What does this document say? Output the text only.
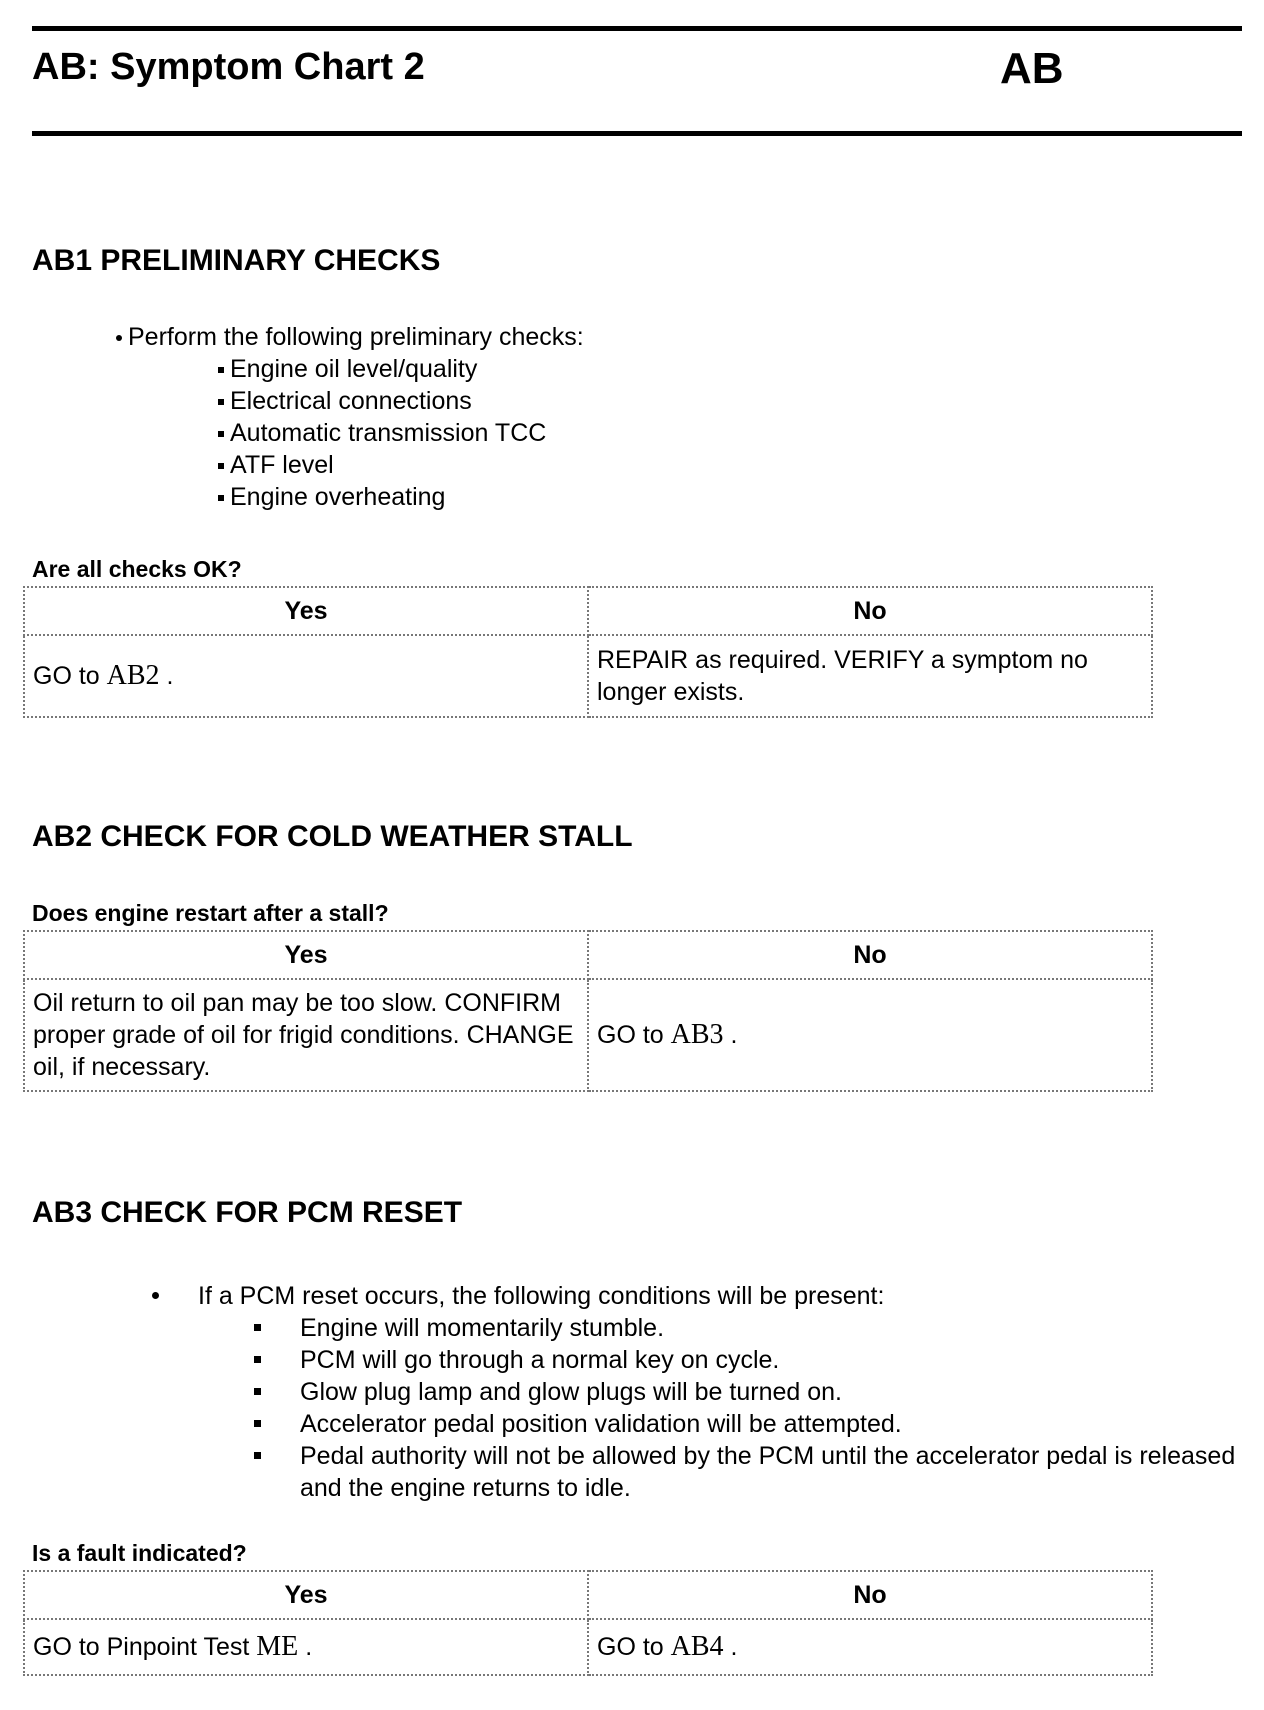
AB: Symptom Chart 2	AB
AB1 PRELIMINARY CHECKS
Perform the following preliminary checks:
Engine oil level/quality
Electrical connections
Automatic transmission TCC
ATF level
Engine overheating
Are all checks OK?
Yes	No
GO to AB2 .	REPAIR as required. VERIFY a symptom no longer exists.
AB2 CHECK FOR COLD WEATHER STALL
Does engine restart after a stall?
Yes	No
Oil return to oil pan may be too slow. CONFIRM proper grade of oil for frigid conditions. CHANGE oil, if necessary.	GO to AB3 .
AB3 CHECK FOR PCM RESET
If a PCM reset occurs, the following conditions will be present:
Engine will momentarily stumble.
PCM will go through a normal key on cycle.
Glow plug lamp and glow plugs will be turned on.
Accelerator pedal position validation will be attempted.
Pedal authority will not be allowed by the PCM until the accelerator pedal is released and the engine returns to idle.
Is a fault indicated?
Yes	No
GO to Pinpoint Test ME .	GO to AB4 .
